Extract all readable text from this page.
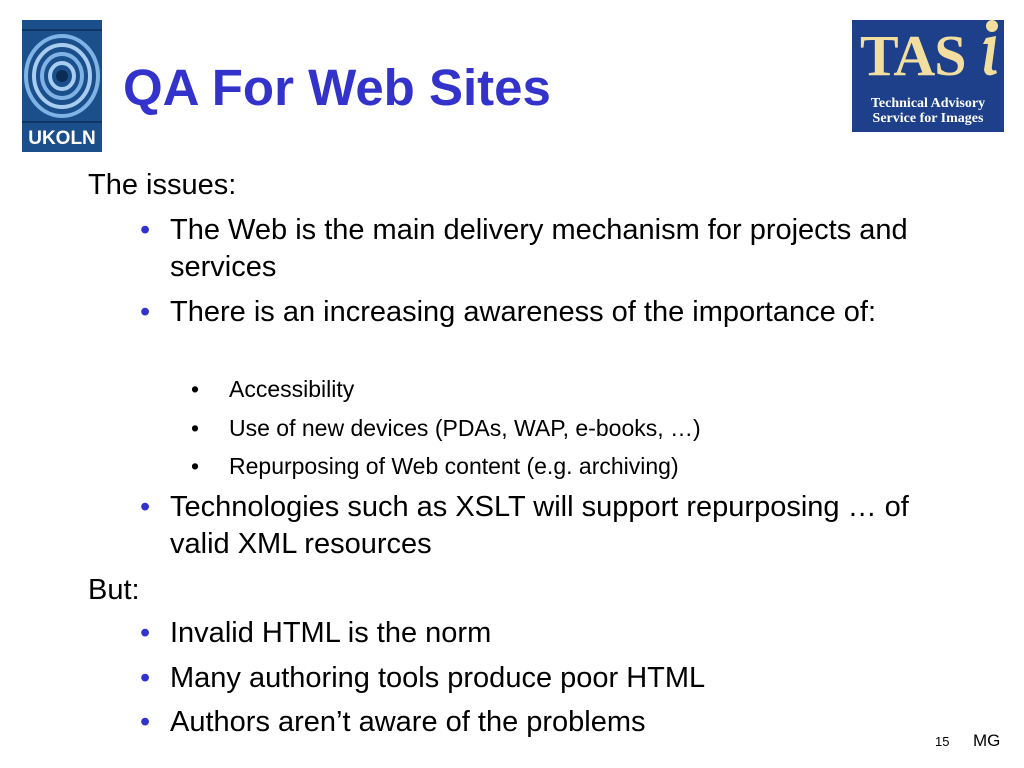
UKOLN
QA For Web Sites	TAS
Technical Advisory Service for Images
The issues:
• The Web is the main delivery mechanism for projects and services
• There is an increasing awareness of the importance of:
• Accessibility
• Use of new devices (PDAs, WAP, e-books, …)
• Repurposing of Web content (e.g. archiving)
• Technologies such as XSLT will support repurposing … of valid XML resources
But:
• Invalid HTML is the norm
• Many authoring tools produce poor HTML
• Authors aren’t aware of the problems
15 MG
